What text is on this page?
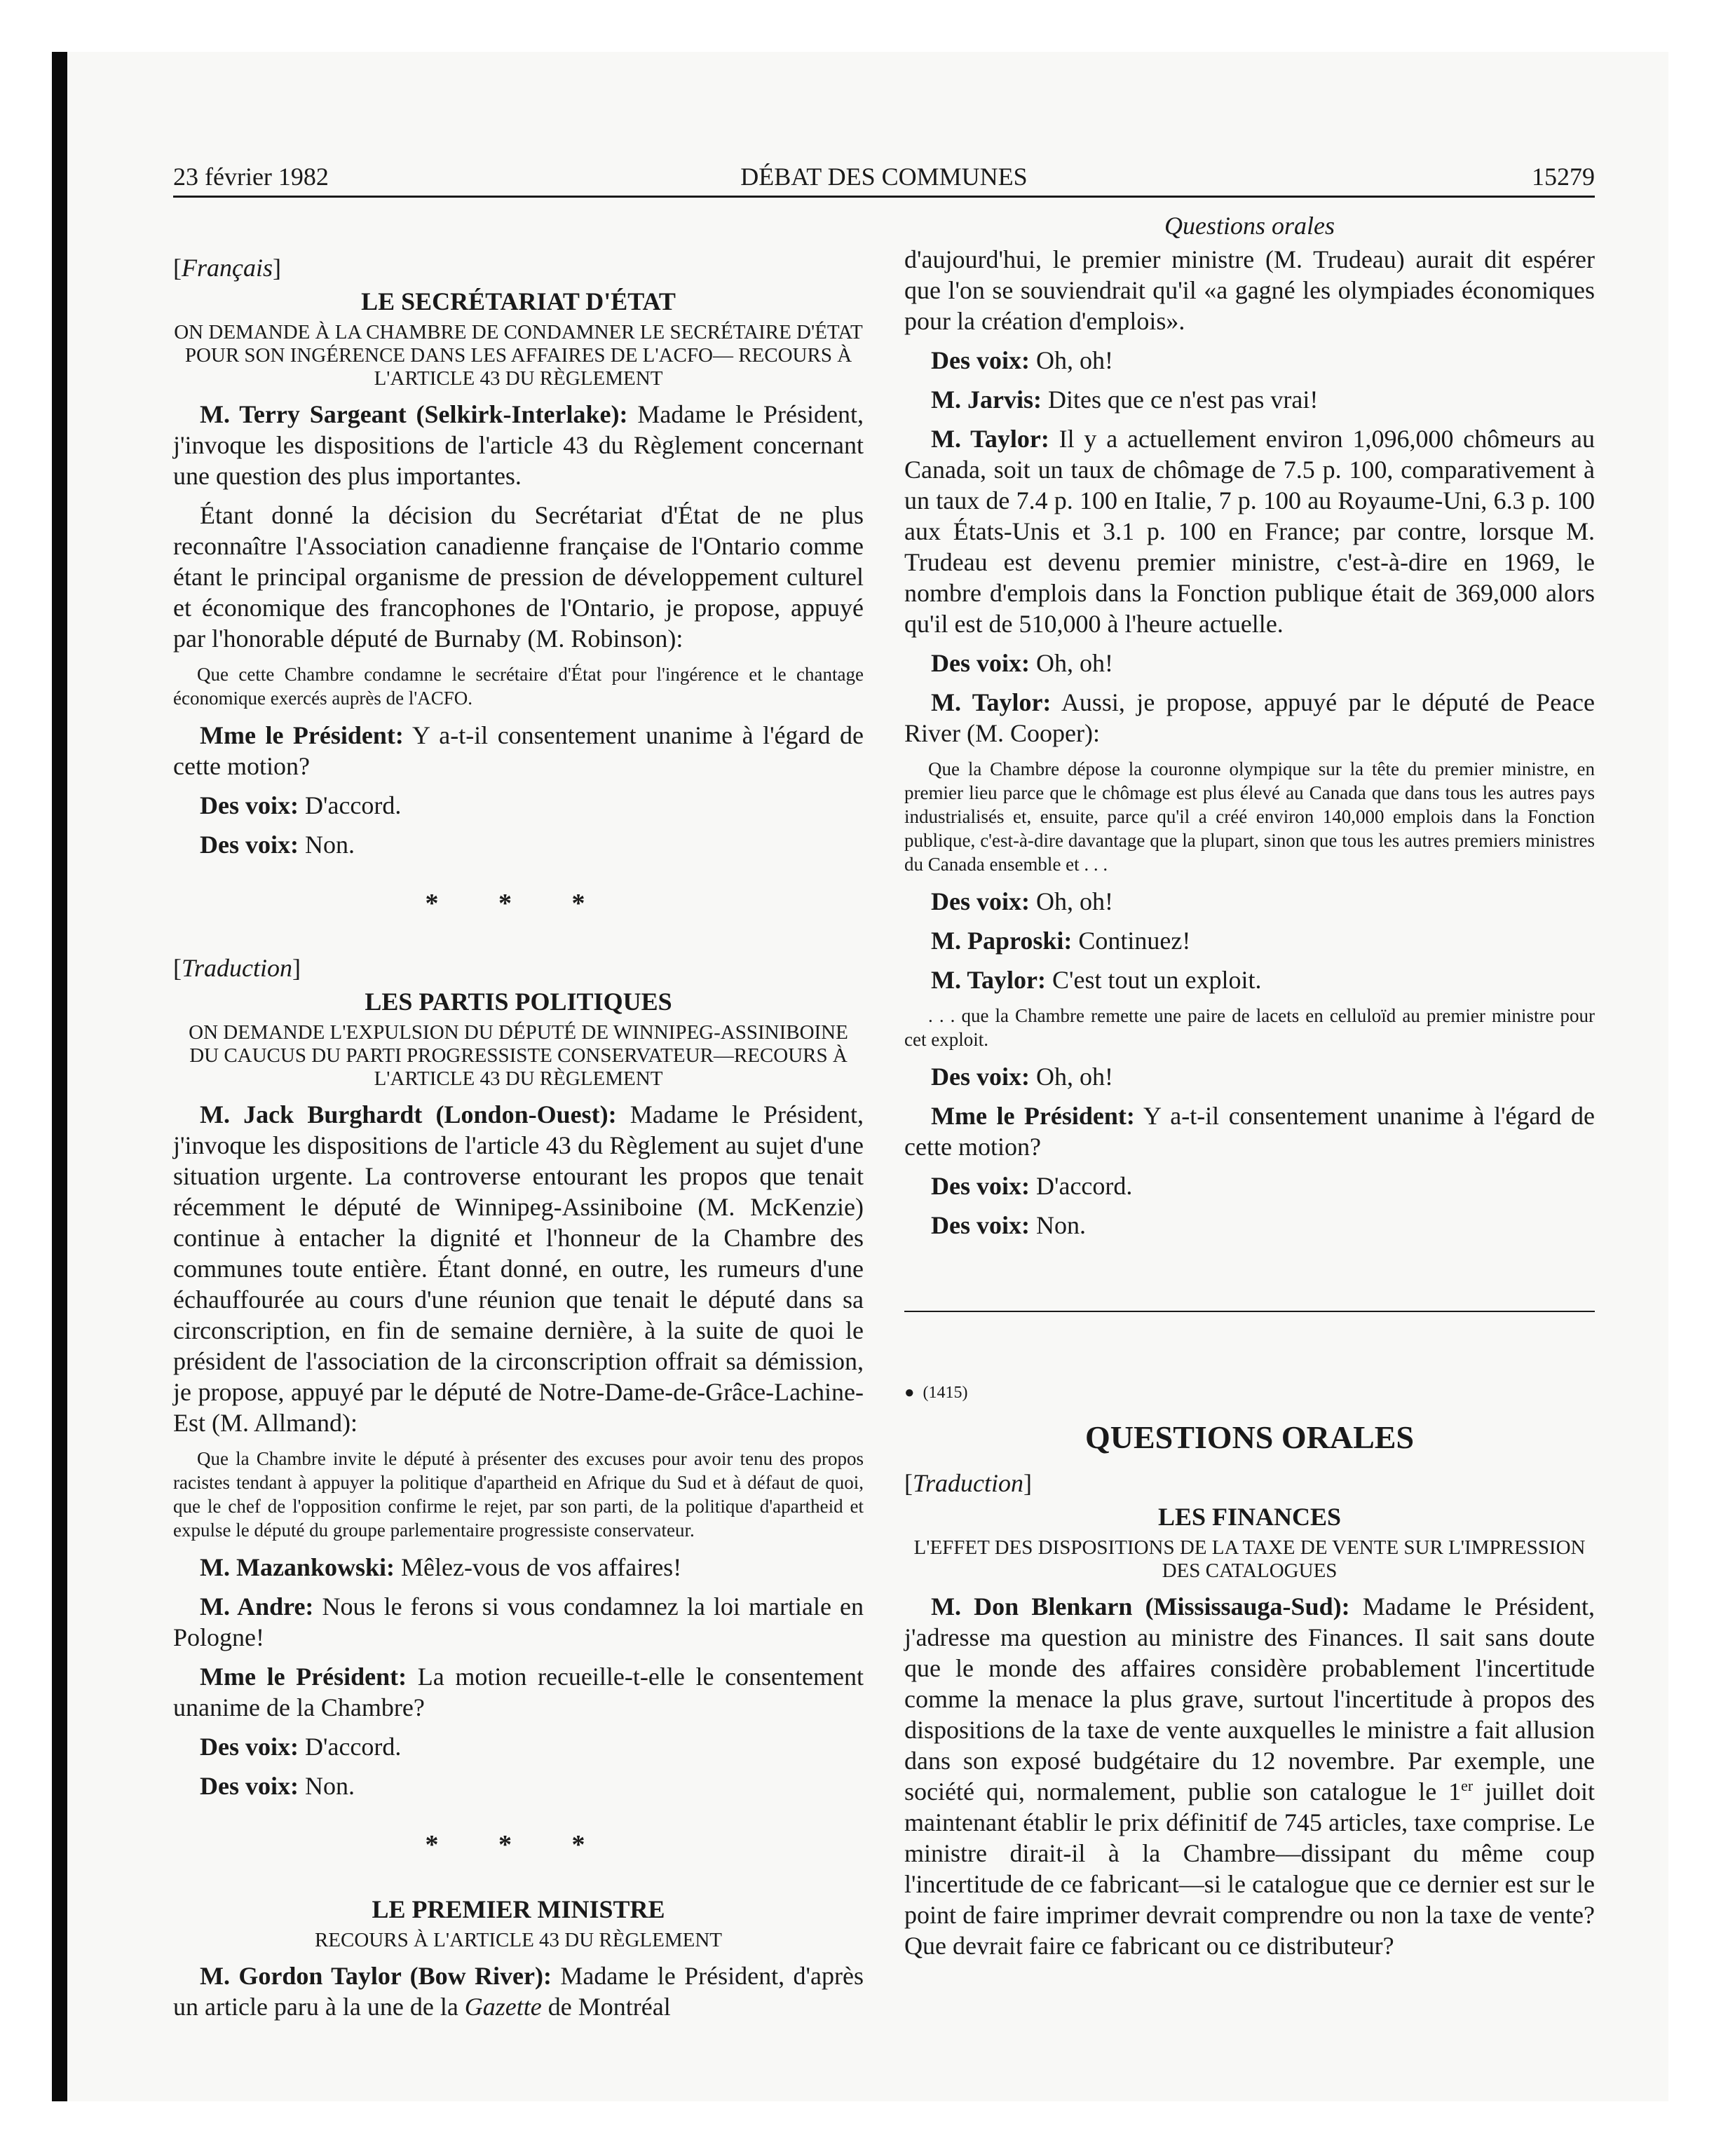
23 février 1982	DÉBAT DES COMMUNES	15279
Questions orales
[Français]
LE SECRÉTARIAT D'ÉTAT
ON DEMANDE À LA CHAMBRE DE CONDAMNER LE SECRÉTAIRE D'ÉTAT POUR SON INGÉRENCE DANS LES AFFAIRES DE L'ACFO— RECOURS À L'ARTICLE 43 DU RÈGLEMENT

M. Terry Sargeant (Selkirk-Interlake): Madame le Président, j'invoque les dispositions de l'article 43 du Règlement concernant une question des plus importantes.

Étant donné la décision du Secrétariat d'État de ne plus reconnaître l'Association canadienne française de l'Ontario comme étant le principal organisme de pression de développement culturel et économique des francophones de l'Ontario, je propose, appuyé par l'honorable député de Burnaby (M. Robinson):

Que cette Chambre condamne le secrétaire d'État pour l'ingérence et le chantage économique exercés auprès de l'ACFO.

Mme le Président: Y a-t-il consentement unanime à l'égard de cette motion?

Des voix: D'accord.

Des voix: Non.

* * *
[Traduction]
LES PARTIS POLITIQUES
ON DEMANDE L'EXPULSION DU DÉPUTÉ DE WINNIPEG-ASSINIBOINE DU CAUCUS DU PARTI PROGRESSISTE CONSERVATEUR—RECOURS À L'ARTICLE 43 DU RÈGLEMENT

M. Jack Burghardt (London-Ouest): Madame le Président, j'invoque les dispositions de l'article 43 du Règlement au sujet d'une situation urgente. La controverse entourant les propos que tenait récemment le député de Winnipeg-Assiniboine (M. McKenzie) continue à entacher la dignité et l'honneur de la Chambre des communes toute entière. Étant donné, en outre, les rumeurs d'une échauffourée au cours d'une réunion que tenait le député dans sa circonscription, en fin de semaine dernière, à la suite de quoi le président de l'association de la circonscription offrait sa démission, je propose, appuyé par le député de Notre-Dame-de-Grâce-Lachine-Est (M. Allmand):

Que la Chambre invite le député à présenter des excuses pour avoir tenu des propos racistes tendant à appuyer la politique d'apartheid en Afrique du Sud et à défaut de quoi, que le chef de l'opposition confirme le rejet, par son parti, de la politique d'apartheid et expulse le député du groupe parlementaire progressiste conservateur.

M. Mazankowski: Mêlez-vous de vos affaires!

M. Andre: Nous le ferons si vous condamnez la loi martiale en Pologne!

Mme le Président: La motion recueille-t-elle le consentement unanime de la Chambre?

Des voix: D'accord.

Des voix: Non.

* * *
LE PREMIER MINISTRE
RECOURS À L'ARTICLE 43 DU RÈGLEMENT

M. Gordon Taylor (Bow River): Madame le Président, d'après un article paru à la une de la Gazette de Montréal

d'aujourd'hui, le premier ministre (M. Trudeau) aurait dit espérer que l'on se souviendrait qu'il «a gagné les olympiades économiques pour la création d'emplois».

Des voix: Oh, oh!

M. Jarvis: Dites que ce n'est pas vrai!

M. Taylor: Il y a actuellement environ 1,096,000 chômeurs au Canada, soit un taux de chômage de 7.5 p. 100, comparativement à un taux de 7.4 p. 100 en Italie, 7 p. 100 au Royaume-Uni, 6.3 p. 100 aux États-Unis et 3.1 p. 100 en France; par contre, lorsque M. Trudeau est devenu premier ministre, c'est-à-dire en 1969, le nombre d'emplois dans la Fonction publique était de 369,000 alors qu'il est de 510,000 à l'heure actuelle.

Des voix: Oh, oh!

M. Taylor: Aussi, je propose, appuyé par le député de Peace River (M. Cooper):

Que la Chambre dépose la couronne olympique sur la tête du premier ministre, en premier lieu parce que le chômage est plus élevé au Canada que dans tous les autres pays industrialisés et, ensuite, parce qu'il a créé environ 140,000 emplois dans la Fonction publique, c'est-à-dire davantage que la plupart, sinon que tous les autres premiers ministres du Canada ensemble et . . .

Des voix: Oh, oh!

M. Paproski: Continuez!

M. Taylor: C'est tout un exploit.

. . . que la Chambre remette une paire de lacets en celluloïd au premier ministre pour cet exploit.

Des voix: Oh, oh!

Mme le Président: Y a-t-il consentement unanime à l'égard de cette motion?

Des voix: D'accord.

Des voix: Non.

● (1415)
QUESTIONS ORALES
[Traduction]
LES FINANCES
L'EFFET DES DISPOSITIONS DE LA TAXE DE VENTE SUR L'IMPRESSION DES CATALOGUES

M. Don Blenkarn (Mississauga-Sud): Madame le Président, j'adresse ma question au ministre des Finances. Il sait sans doute que le monde des affaires considère probablement l'incertitude comme la menace la plus grave, surtout l'incertitude à propos des dispositions de la taxe de vente auxquelles le ministre a fait allusion dans son exposé budgétaire du 12 novembre. Par exemple, une société qui, normalement, publie son catalogue le 1er juillet doit maintenant établir le prix définitif de 745 articles, taxe comprise. Le ministre dirait-il à la Chambre—dissipant du même coup l'incertitude de ce fabricant—si le catalogue que ce dernier est sur le point de faire imprimer devrait comprendre ou non la taxe de vente? Que devrait faire ce fabricant ou ce distributeur?
